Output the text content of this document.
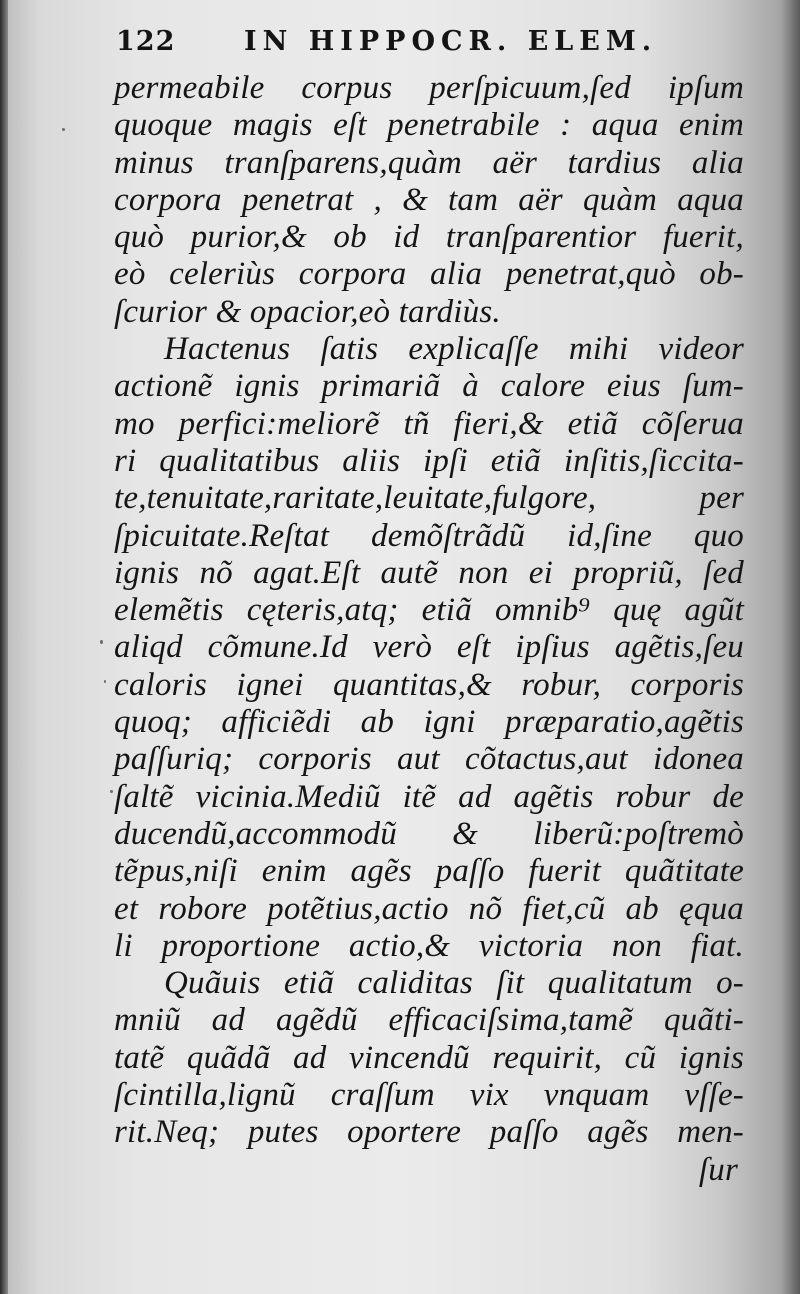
122	IN HIPPOCR. ELEM.
permeabile corpus perſpicuum,ſed ipſum
quoque magis eſt penetrabile : aqua enim
minus tranſparens,quàm aër tardius alia
corpora penetrat , & tam aër quàm aqua
quò purior,& ob id tranſparentior fuerit,
eò celeriùs corpora alia penetrat,quò ob-
ſcurior & opacior,eò tardiùs.
Hactenus ſatis explicaſſe mihi videor
actionẽ ignis primariã à calore eius ſum-
mo perfici:meliorẽ tñ fieri,& etiã cõſerua
ri qualitatibus aliis ipſi etiã inſitis,ſiccita-
te,tenuitate,raritate,leuitate,fulgore, per
ſpicuitate.Reſtat demõſtrãdũ id,ſine quo
ignis nõ agat.Eſt autẽ non ei propriũ, ſed
elemẽtis cęteris,atq; etiã omnib⁹ quę agũt
aliqd cõmune.Id verò eſt ipſius agẽtis,ſeu
caloris ignei quantitas,& robur, corporis
quoq; afficiẽdi ab igni præparatio,agẽtis
paſſuriq; corporis aut cõtactus,aut idonea
ſaltẽ vicinia.Mediũ itẽ ad agẽtis robur de
ducendũ,accommodũ & liberũ:poſtremò
tẽpus,niſi enim agẽs paſſo fuerit quãtitate
et robore potẽtius,actio nõ fiet,cũ ab ęqua
li proportione actio,& victoria non fiat.
Quãuis etiã caliditas ſit qualitatum o-
mniũ ad agẽdũ efficaciſsima,tamẽ quãti-
tatẽ quãdã ad vincendũ requirit, cũ ignis
ſcintilla,lignũ craſſum vix vnquam vſſe-
rit.Neq; putes oportere paſſo agẽs men-
ſur
